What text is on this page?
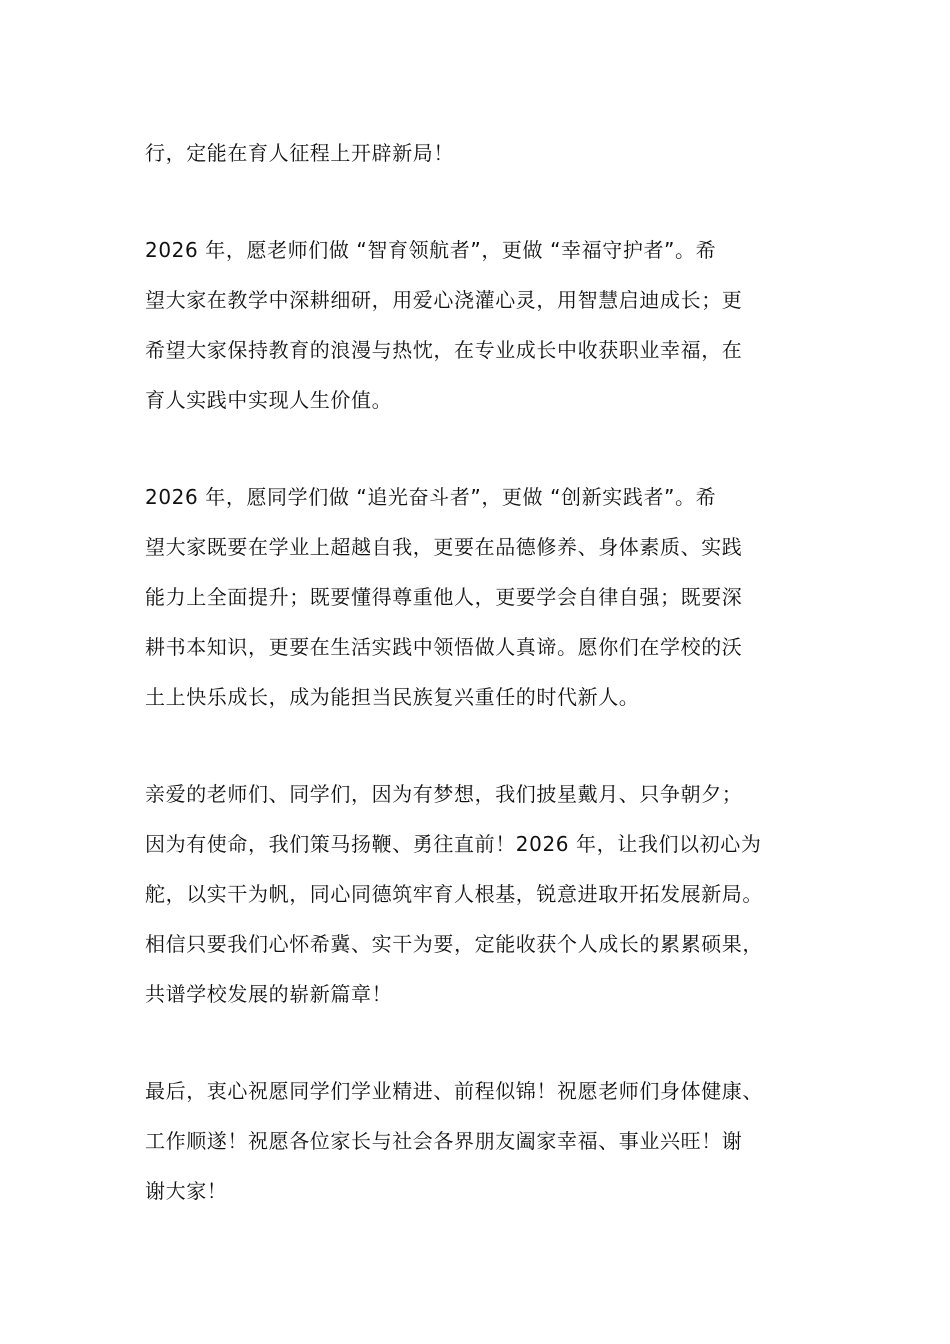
行，定能在育人征程上开辟新局！
2026 年，愿老师们做 “智育领航者”，更做 “幸福守护者”。希
望大家在教学中深耕细研，用爱心浇灌心灵，用智慧启迪成长；更
希望大家保持教育的浪漫与热忱，在专业成长中收获职业幸福，在
育人实践中实现人生价值。
2026 年，愿同学们做 “追光奋斗者”，更做 “创新实践者”。希
望大家既要在学业上超越自我，更要在品德修养、身体素质、实践
能力上全面提升；既要懂得尊重他人，更要学会自律自强；既要深
耕书本知识，更要在生活实践中领悟做人真谛。愿你们在学校的沃
土上快乐成长，成为能担当民族复兴重任的时代新人。
亲爱的老师们、同学们，因为有梦想，我们披星戴月、只争朝夕；
因为有使命，我们策马扬鞭、勇往直前！2026 年，让我们以初心为
舵，以实干为帆，同心同德筑牢育人根基，锐意进取开拓发展新局。
相信只要我们心怀希冀、实干为要，定能收获个人成长的累累硕果，
共谱学校发展的崭新篇章！
最后，衷心祝愿同学们学业精进、前程似锦！祝愿老师们身体健康、
工作顺遂！祝愿各位家长与社会各界朋友阖家幸福、事业兴旺！谢
谢大家！
